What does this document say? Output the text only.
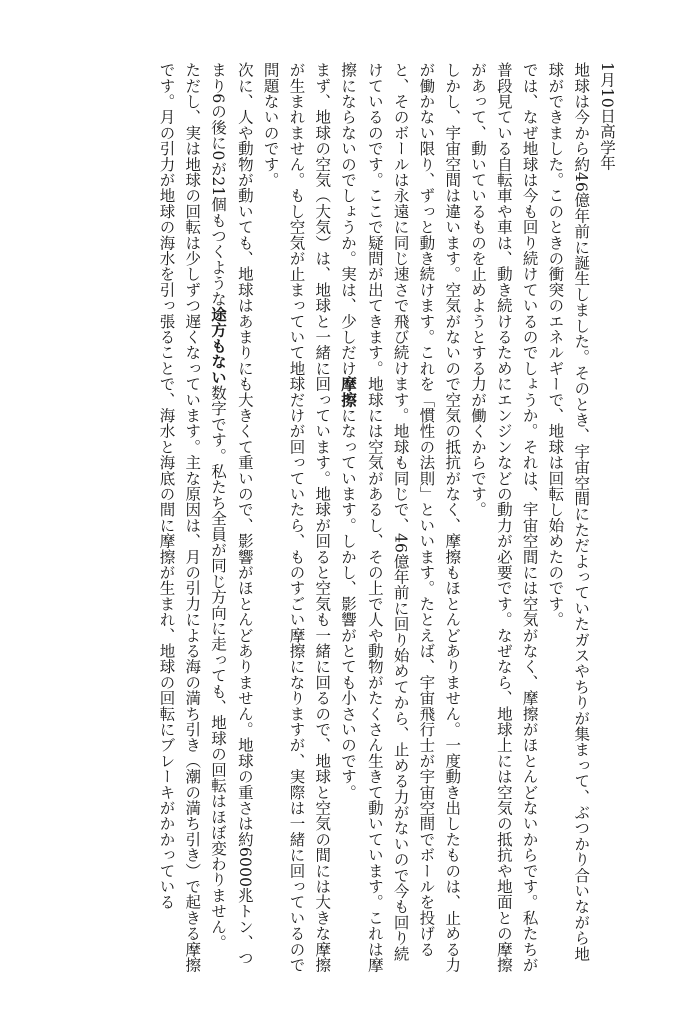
1月10日高学年
地球は今から約46億年前に誕生しました。そのとき、宇宙空間にただよっていたガスやちりが集まって、ぶつかり合いながら地球ができました。このときの衝突のエネルギーで、地球は回転し始めたのです。
では、なぜ地球は今も回り続けているのでしょうか。それは、宇宙空間には空気がなく、摩擦がほとんどないからです。私たちが普段見ている自転車や車は、動き続けるためにエンジンなどの動力が必要です。なぜなら、地球上には空気の抵抗や地面との摩擦があって、動いているものを止めようとする力が働くからです。
しかし、宇宙空間は違います。空気がないので空気の抵抗がなく、摩擦もほとんどありません。一度動き出したものは、止める力が働かない限り、ずっと動き続けます。これを「慣性の法則」といいます。たとえば、宇宙飛行士が宇宙空間でボールを投げると、そのボールは永遠に同じ速さで飛び続けます。地球も同じで、46億年前に回り始めてから、止める力がないので今も回り続けているのです。ここで疑問が出てきます。地球には空気があるし、その上で人や動物がたくさん生きて動いています。これは摩擦にならないのでしょうか。実は、少しだけ摩擦になっています。しかし、影響がとても小さいのです。
まず、地球の空気（大気）は、地球と一緒に回っています。地球が回ると空気も一緒に回るので、地球と空気の間には大きな摩擦が生まれません。もし空気が止まっていて地球だけが回っていたら、ものすごい摩擦になりますが、実際は一緒に回っているので問題ないのです。
次に、人や動物が動いても、地球はあまりにも大きくて重いので、影響がほとんどありません。地球の重さは約6000兆トン、つまり6の後に0が21個もつくような途方もない数字です。私たち全員が同じ方向に走っても、地球の回転はほぼ変わりません。
ただし、実は地球の回転は少しずつ遅くなっています。主な原因は、月の引力による海の満ち引き（潮の満ち引き）で起きる摩擦です。月の引力が地球の海水を引っ張ることで、海水と海底の間に摩擦が生まれ、地球の回転にブレーキがかかっている
